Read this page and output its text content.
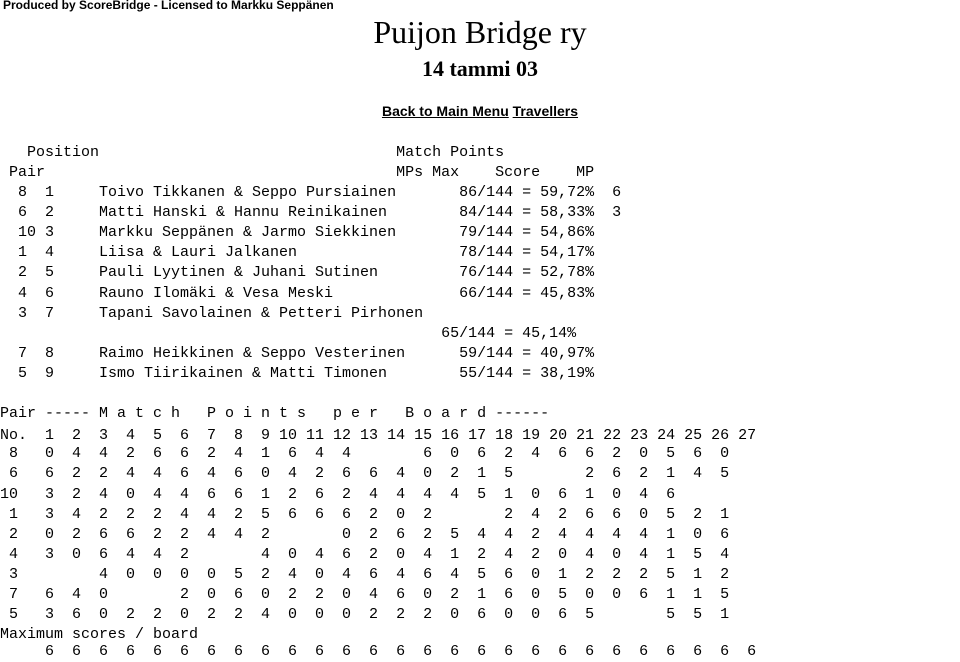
Produced by ScoreBridge - Licensed to Markku Seppänen
Puijon Bridge ry
14 tammi 03
Back to Main Menu Travellers
Position                                 Match Points
Pair                                       MPs Max    Score    MP
8  1     Toivo Tikkanen & Seppo Pursiainen       86/144 = 59,72%  6
6  2     Matti Hanski & Hannu Reinikainen        84/144 = 58,33%  3
10 3     Markku Seppänen & Jarmo Siekkinen       79/144 = 54,86%
1  4     Liisa & Lauri Jalkanen                  78/144 = 54,17%
2  5     Pauli Lyytinen & Juhani Sutinen         76/144 = 52,78%
4  6     Rauno Ilomäki & Vesa Meski              66/144 = 45,83%
3  7     Tapani Savolainen & Petteri Pirhonen
65/144 = 45,14%
7  8     Raimo Heikkinen & Seppo Vesterinen      59/144 = 40,97%
5  9     Ismo Tiirikainen & Matti Timonen        55/144 = 38,19%
Pair ----- M a t c h   P o i n t s   p e r   B o a r d ------
No.  1  2  3  4  5  6  7  8  9 10 11 12 13 14 15 16 17 18 19 20 21 22 23 24 25 26 27
8   0  4  4  2  6  6  2  4  1  6  4  4        6  0  6  2  4  6  6  2  0  5  6  0
6   6  2  2  4  4  6  4  6  0  4  2  6  6  4  0  2  1  5        2  6  2  1  4  5
10   3  2  4  0  4  4  6  6  1  2  6  2  4  4  4  4  5  1  0  6  1  0  4  6
1   3  4  2  2  2  4  4  2  5  6  6  6  2  0  2        2  4  2  6  6  0  5  2  1
2   0  2  6  6  2  2  4  4  2        0  2  6  2  5  4  4  2  4  4  4  4  1  0  6
4   3  0  6  4  4  2        4  0  4  6  2  0  4  1  2  4  2  0  4  0  4  1  5  4
3         4  0  0  0  0  5  2  4  0  4  6  4  6  4  5  6  0  1  2  2  2  5  1  2
7   6  4  0        2  0  6  0  2  2  0  4  6  0  2  1  6  0  5  0  0  6  1  1  5
5   3  6  0  2  2  0  2  2  4  0  0  0  2  2  2  0  6  0  0  6  5        5  5  1
Maximum scores / board
6  6  6  6  6  6  6  6  6  6  6  6  6  6  6  6  6  6  6  6  6  6  6  6  6  6  6
